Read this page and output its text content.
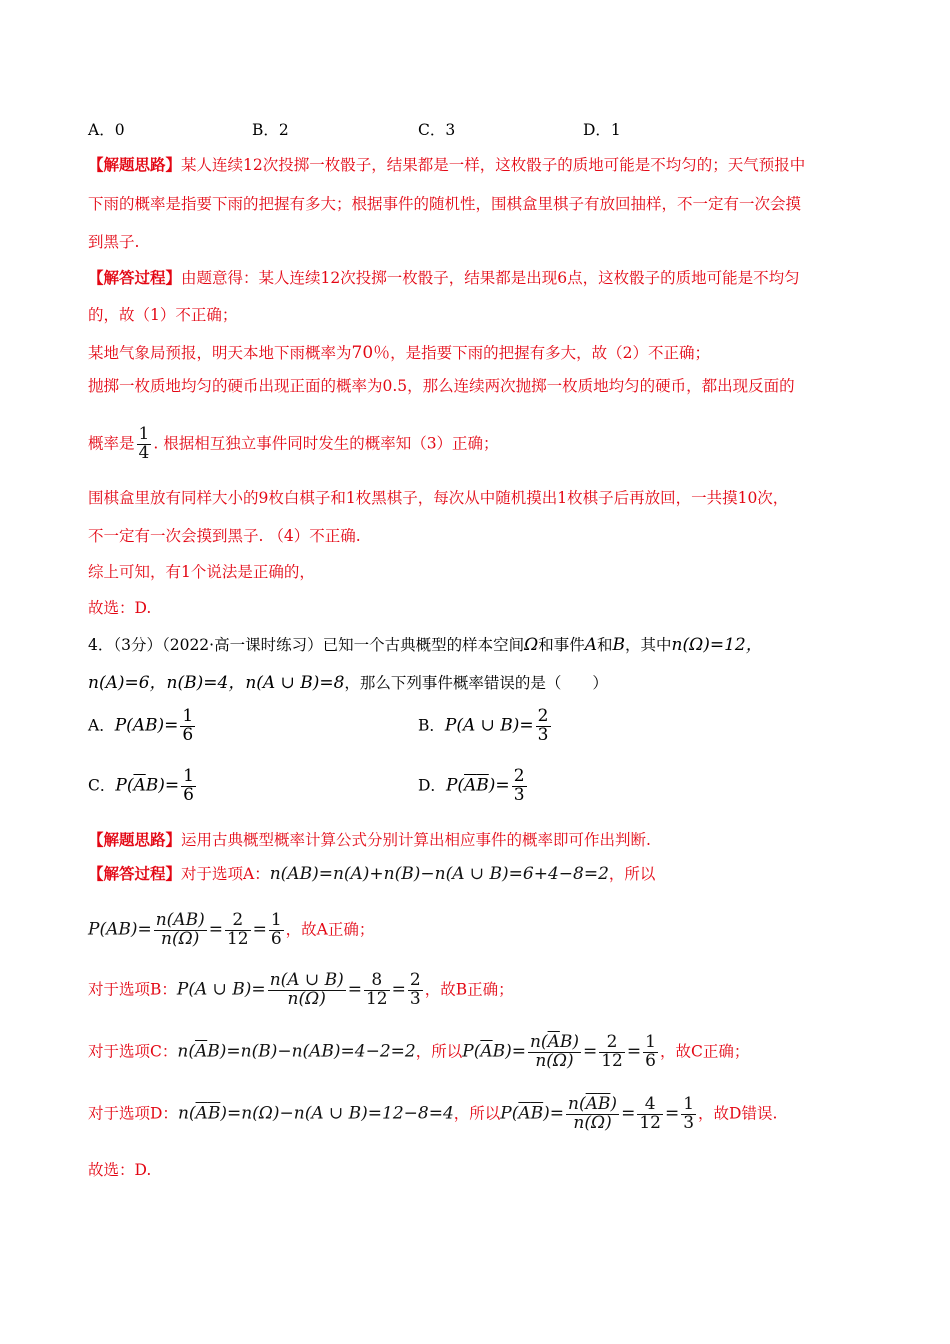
A．0	B．2	C．3	D．1
【解题思路】某人连续12次投掷一枚骰子，结果都是一样，这枚骰子的质地可能是不均匀的；天气预报中
下雨的概率是指要下雨的把握有多大；根据事件的随机性，围棋盒里棋子有放回抽样，不一定有一次会摸
到黑子.
【解答过程】由题意得：某人连续12次投掷一枚骰子，结果都是出现6点，这枚骰子的质地可能是不均匀
的，故（1）不正确；
某地气象局预报，明天本地下雨概率为70％，是指要下雨的把握有多大，故（2）不正确；
抛掷一枚质地均匀的硬币出现正面的概率为0.5，那么连续两次抛掷一枚质地均匀的硬币，都出现反面的
概率是 $\frac{1}{4}$ . 根据相互独立事件同时发生的概率知（3）正确；
围棋盒里放有同样大小的9枚白棋子和1枚黑棋子，每次从中随机摸出1枚棋子后再放回，一共摸10次，
不一定有一次会摸到黑子. （4）不正确.
综上可知，有1个说法是正确的，
故选：D.
4．（3分）（2022·高一课时练习）已知一个古典概型的样本空间Ω和事件A和B，其中n(Ω)=12，
n(A)=6，n(B)=4，n(A ∪ B)=8，那么下列事件概率错误的是（　　）
A．$P(AB)= \frac{1}{6}$	B．P(A ∪ $B)= \frac{2}{3}$
C．$P(\overline{A}B)= \frac{1}{6}$	D．$P(\overline{A}\overline{B})= \frac{2}{3}$
【解题思路】运用古典概型概率计算公式分别计算出相应事件的概率即可作出判断.
【解答过程】对于选项A：n(AB)=n(A)+n(B)−n(A ∪ B)=6+4−8=2，所以
$P(AB)= \frac{n(AB)}{n(\Omega)} = \frac{2}{12} = \frac{1}{6}$ ，故A正确；
对于选项B：P(A ∪ $B)= \frac{n(A \cup B)}{n(\Omega)} = \frac{8}{12} = \frac{2}{3}$ ，故B正确；
对于选项C：$n(\overline{A}B)=n(B)-n(AB)=4-2=2$，所以$P(\overline{A}B)= \frac{n(\overline{A}B)}{n(\Omega)} = \frac{2}{12} = \frac{1}{6}$ ，故C正确；
对于选项D：$n(\overline{A}\overline{B})=n(\Omega)-n(A$ ∪ B)=12−8=4，所以$P(\overline{A}\overline{B})= \frac{n(\overline{A}\overline{B})}{n(\Omega)} = \frac{4}{12} = \frac{1}{3}$ ，故D错误.
故选：D.
